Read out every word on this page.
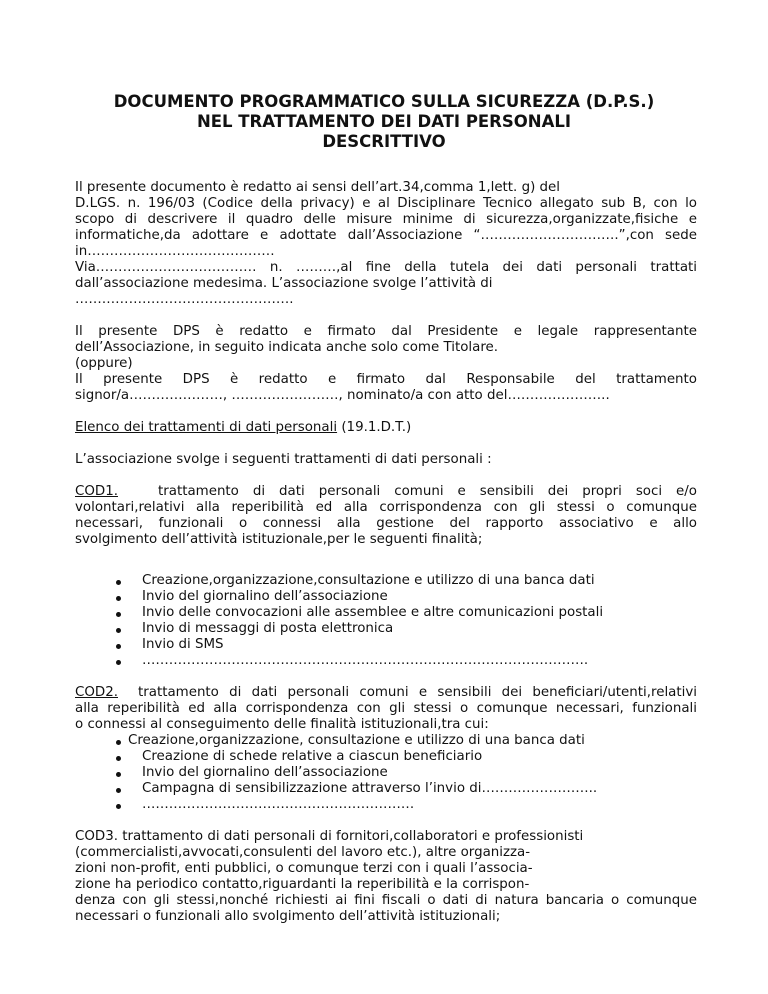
DOCUMENTO PROGRAMMATICO SULLA SICUREZZA (D.P.S.)
NEL TRATTAMENTO DEI DATI PERSONALI
DESCRITTIVO
Il presente documento è redatto ai sensi dell’art.34,comma 1,lett. g) del
D.LGS. n. 196/03 (Codice della privacy) e al Disciplinare Tecnico allegato sub B, con lo
scopo di descrivere il quadro delle misure minime di sicurezza,organizzate,fisiche e
informatiche,da adottare e adottate dall’Associazione “………………………….”,con sede
in……………………………………
Via……………………………… n. ………,al fine della tutela dei dati personali trattati
dall’associazione medesima. L’associazione svolge l’attività di
………………………………………….
Il presente DPS è redatto e firmato dal Presidente e legale rappresentante
dell’Associazione, in seguito indicata anche solo come Titolare.
(oppure)
Il presente DPS è redatto e firmato dal Responsabile del trattamento
signor/a…………………, ……………………, nominato/a con atto del…………………..
Elenco dei trattamenti di dati personali (19.1.D.T.)
L’associazione svolge i seguenti trattamenti di dati personali :
COD1.	trattamento di dati personali comuni e sensibili dei propri soci e/o
volontari,relativi alla reperibilità ed alla corrispondenza con gli stessi o comunque
necessari, funzionali o connessi alla gestione del rapporto associativo e allo
svolgimento dell’attività istituzionale,per le seguenti finalità;
Creazione,organizzazione,consultazione e utilizzo di una banca dati
Invio del giornalino dell’associazione
Invio delle convocazioni alle assemblee e altre comunicazioni postali
Invio di messaggi di posta elettronica
Invio di SMS
……………………………………………………………………………………….
COD2. trattamento di dati personali comuni e sensibili dei beneficiari/utenti,relativi
alla reperibilità ed alla corrispondenza con gli stessi o comunque necessari, funzionali
o connessi al conseguimento delle finalità istituzionali,tra cui:
Creazione,organizzazione, consultazione e utilizzo di una banca dati
Creazione di schede relative a ciascun beneficiario
Invio del giornalino dell’associazione
Campagna di sensibilizzazione attraverso l’invio di……………………..
…………………………………………………….
COD3. trattamento di dati personali di fornitori,collaboratori e professionisti
(commercialisti,avvocati,consulenti del lavoro etc.), altre organizza-
zioni non-profit, enti pubblici, o comunque terzi con i quali l’associa-
zione ha periodico contatto,riguardanti la reperibilità e la corrispon-
denza con gli stessi,nonché richiesti ai fini fiscali o dati di natura bancaria o comunque
necessari o funzionali allo svolgimento dell’attività istituzionali;
